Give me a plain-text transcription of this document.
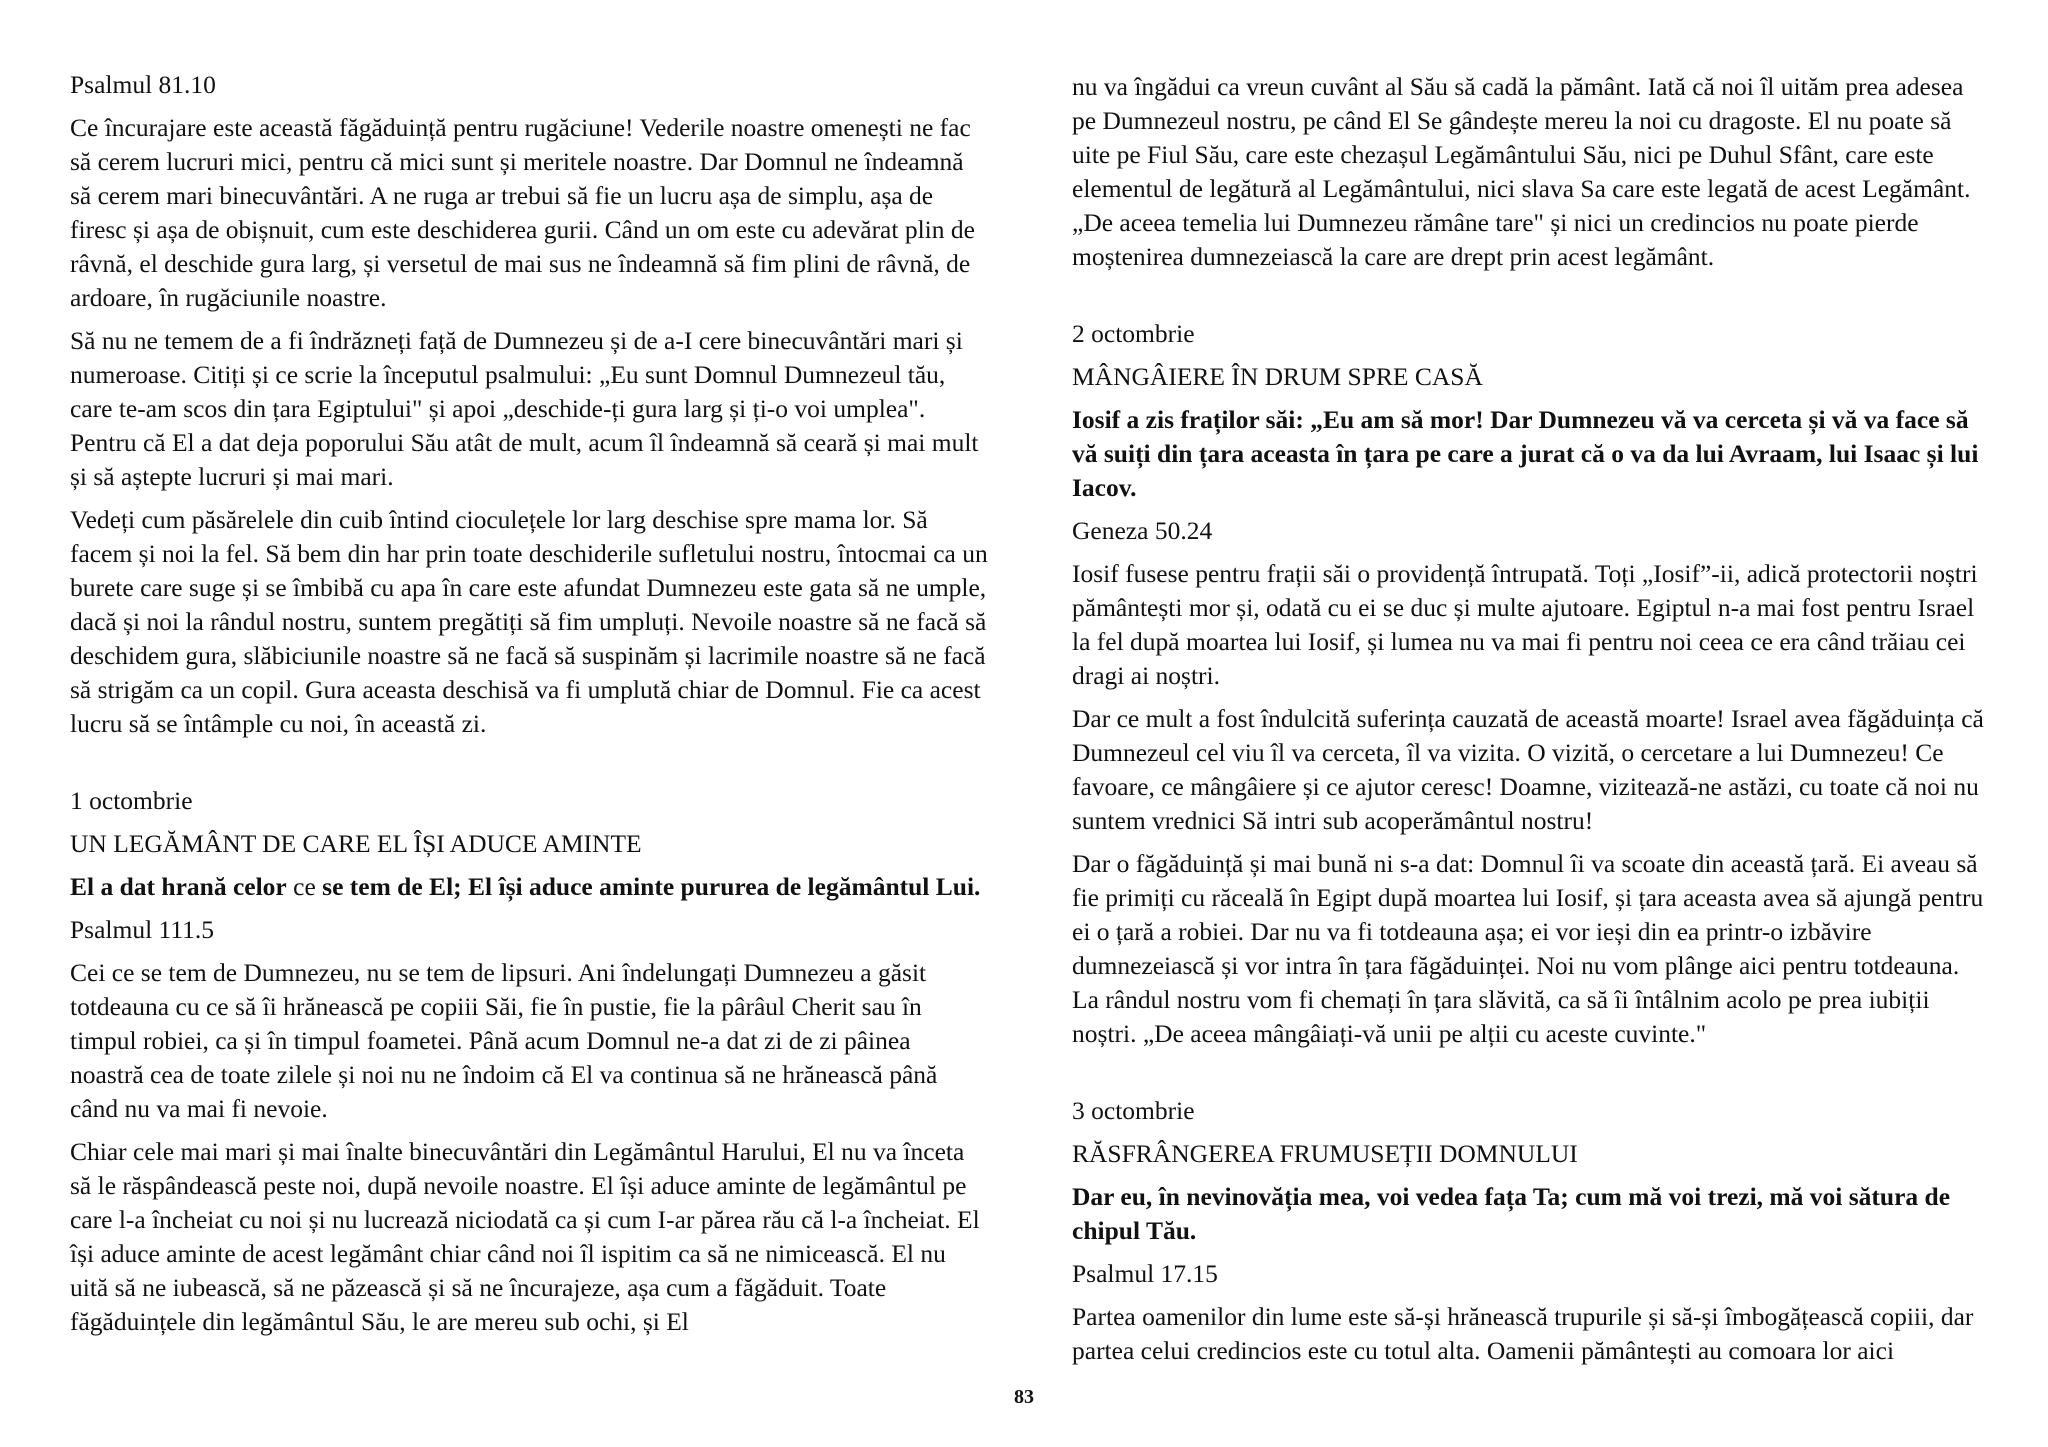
Psalmul 81.10
Ce încurajare este această făgăduință pentru rugăciune! Vederile noastre omenești ne fac să cerem lucruri mici, pentru că mici sunt și meritele noastre. Dar Domnul ne îndeamnă să cerem mari binecuvântări. A ne ruga ar trebui să fie un lucru așa de simplu, așa de firesc și așa de obișnuit, cum este deschiderea gurii. Când un om este cu adevărat plin de râvnă, el deschide gura larg, și versetul de mai sus ne îndeamnă să fim plini de râvnă, de ardoare, în rugăciunile noastre.
Să nu ne temem de a fi îndrăzneți față de Dumnezeu și de a-I cere binecuvântări mari și numeroase. Citiți și ce scrie la începutul psalmului: „Eu sunt Domnul Dumnezeul tău, care te-am scos din țara Egiptului" și apoi „deschide-ți gura larg și ți-o voi umplea". Pentru că El a dat deja poporului Său atât de mult, acum îl îndeamnă să ceară și mai mult și să aștepte lucruri și mai mari.
Vedeți cum păsărelele din cuib întind cioculețele lor larg deschise spre mama lor. Să facem și noi la fel. Să bem din har prin toate deschiderile sufletului nostru, întocmai ca un burete care suge și se îmbibă cu apa în care este afundat Dumnezeu este gata să ne umple, dacă și noi la rândul nostru, suntem pregătiți să fim umpluți. Nevoile noastre să ne facă să deschidem gura, slăbiciunile noastre să ne facă să suspinăm și lacrimile noastre să ne facă să strigăm ca un copil. Gura aceasta deschisă va fi umplută chiar de Domnul. Fie ca acest lucru să se întâmple cu noi, în această zi.
1 octombrie
UN LEGĂMÂNT DE CARE EL ÎȘI ADUCE AMINTE
El a dat hrană celor ce se tem de El; El își aduce aminte pururea de legământul Lui.
Psalmul 111.5
Cei ce se tem de Dumnezeu, nu se tem de lipsuri. Ani îndelungați Dumnezeu a găsit totdeauna cu ce să îi hrănească pe copiii Săi, fie în pustie, fie la pârâul Cherit sau în timpul robiei, ca și în timpul foametei. Până acum Domnul ne-a dat zi de zi pâinea noastră cea de toate zilele și noi nu ne îndoim că El va continua să ne hrănească până când nu va mai fi nevoie.
Chiar cele mai mari și mai înalte binecuvântări din Legământul Harului, El nu va înceta să le răspândească peste noi, după nevoile noastre. El își aduce aminte de legământul pe care l-a încheiat cu noi și nu lucrează niciodată ca și cum I-ar părea rău că l-a încheiat. El își aduce aminte de acest legământ chiar când noi îl ispitim ca să ne nimicească. El nu uită să ne iubească, să ne păzească și să ne încurajeze, așa cum a făgăduit. Toate făgăduințele din legământul Său, le are mereu sub ochi, și El
nu va îngădui ca vreun cuvânt al Său să cadă la pământ. Iată că noi îl uităm prea adesea pe Dumnezeul nostru, pe când El Se gândește mereu la noi cu dragoste. El nu poate să uite pe Fiul Său, care este chezașul Legământului Său, nici pe Duhul Sfânt, care este elementul de legătură al Legământului, nici slava Sa care este legată de acest Legământ. „De aceea temelia lui Dumnezeu rămâne tare" și nici un credincios nu poate pierde moștenirea dumnezeiască la care are drept prin acest legământ.
2 octombrie
MÂNGÂIERE ÎN DRUM SPRE CASĂ
Iosif a zis fraților săi: „Eu am să mor! Dar Dumnezeu vă va cerceta și vă va face să vă suiți din țara aceasta în țara pe care a jurat că o va da lui Avraam, lui Isaac și lui Iacov.
Geneza 50.24
Iosif fusese pentru frații săi o providență întrupată. Toți „Iosif”-ii, adică protectorii noștri pământești mor și, odată cu ei se duc și multe ajutoare. Egiptul n-a mai fost pentru Israel la fel după moartea lui Iosif, și lumea nu va mai fi pentru noi ceea ce era când trăiau cei dragi ai noștri.
Dar ce mult a fost îndulcită suferința cauzată de această moarte! Israel avea făgăduința că Dumnezeul cel viu îl va cerceta, îl va vizita. O vizită, o cercetare a lui Dumnezeu! Ce favoare, ce mângâiere și ce ajutor ceresc! Doamne, vizitează-ne astăzi, cu toate că noi nu suntem vrednici Să intri sub acoperământul nostru!
Dar o făgăduință și mai bună ni s-a dat: Domnul îi va scoate din această țară. Ei aveau să fie primiți cu răceală în Egipt după moartea lui Iosif, și țara aceasta avea să ajungă pentru ei o țară a robiei. Dar nu va fi totdeauna așa; ei vor ieși din ea printr-o izbăvire dumnezeiască și vor intra în țara făgăduinței. Noi nu vom plânge aici pentru totdeauna. La rândul nostru vom fi chemați în țara slăvită, ca să îi întâlnim acolo pe prea iubiții noștri. „De aceea mângâiați-vă unii pe alții cu aceste cuvinte."
3 octombrie
RĂSFRÂNGEREA FRUMUSEȚII DOMNULUI
Dar eu, în nevinovăția mea, voi vedea fața Ta; cum mă voi trezi, mă voi sătura de chipul Tău.
Psalmul 17.15
Partea oamenilor din lume este să-și hrănească trupurile și să-și îmbogățească copiii, dar partea celui credincios este cu totul alta. Oamenii pământești au comoara lor aici
83
